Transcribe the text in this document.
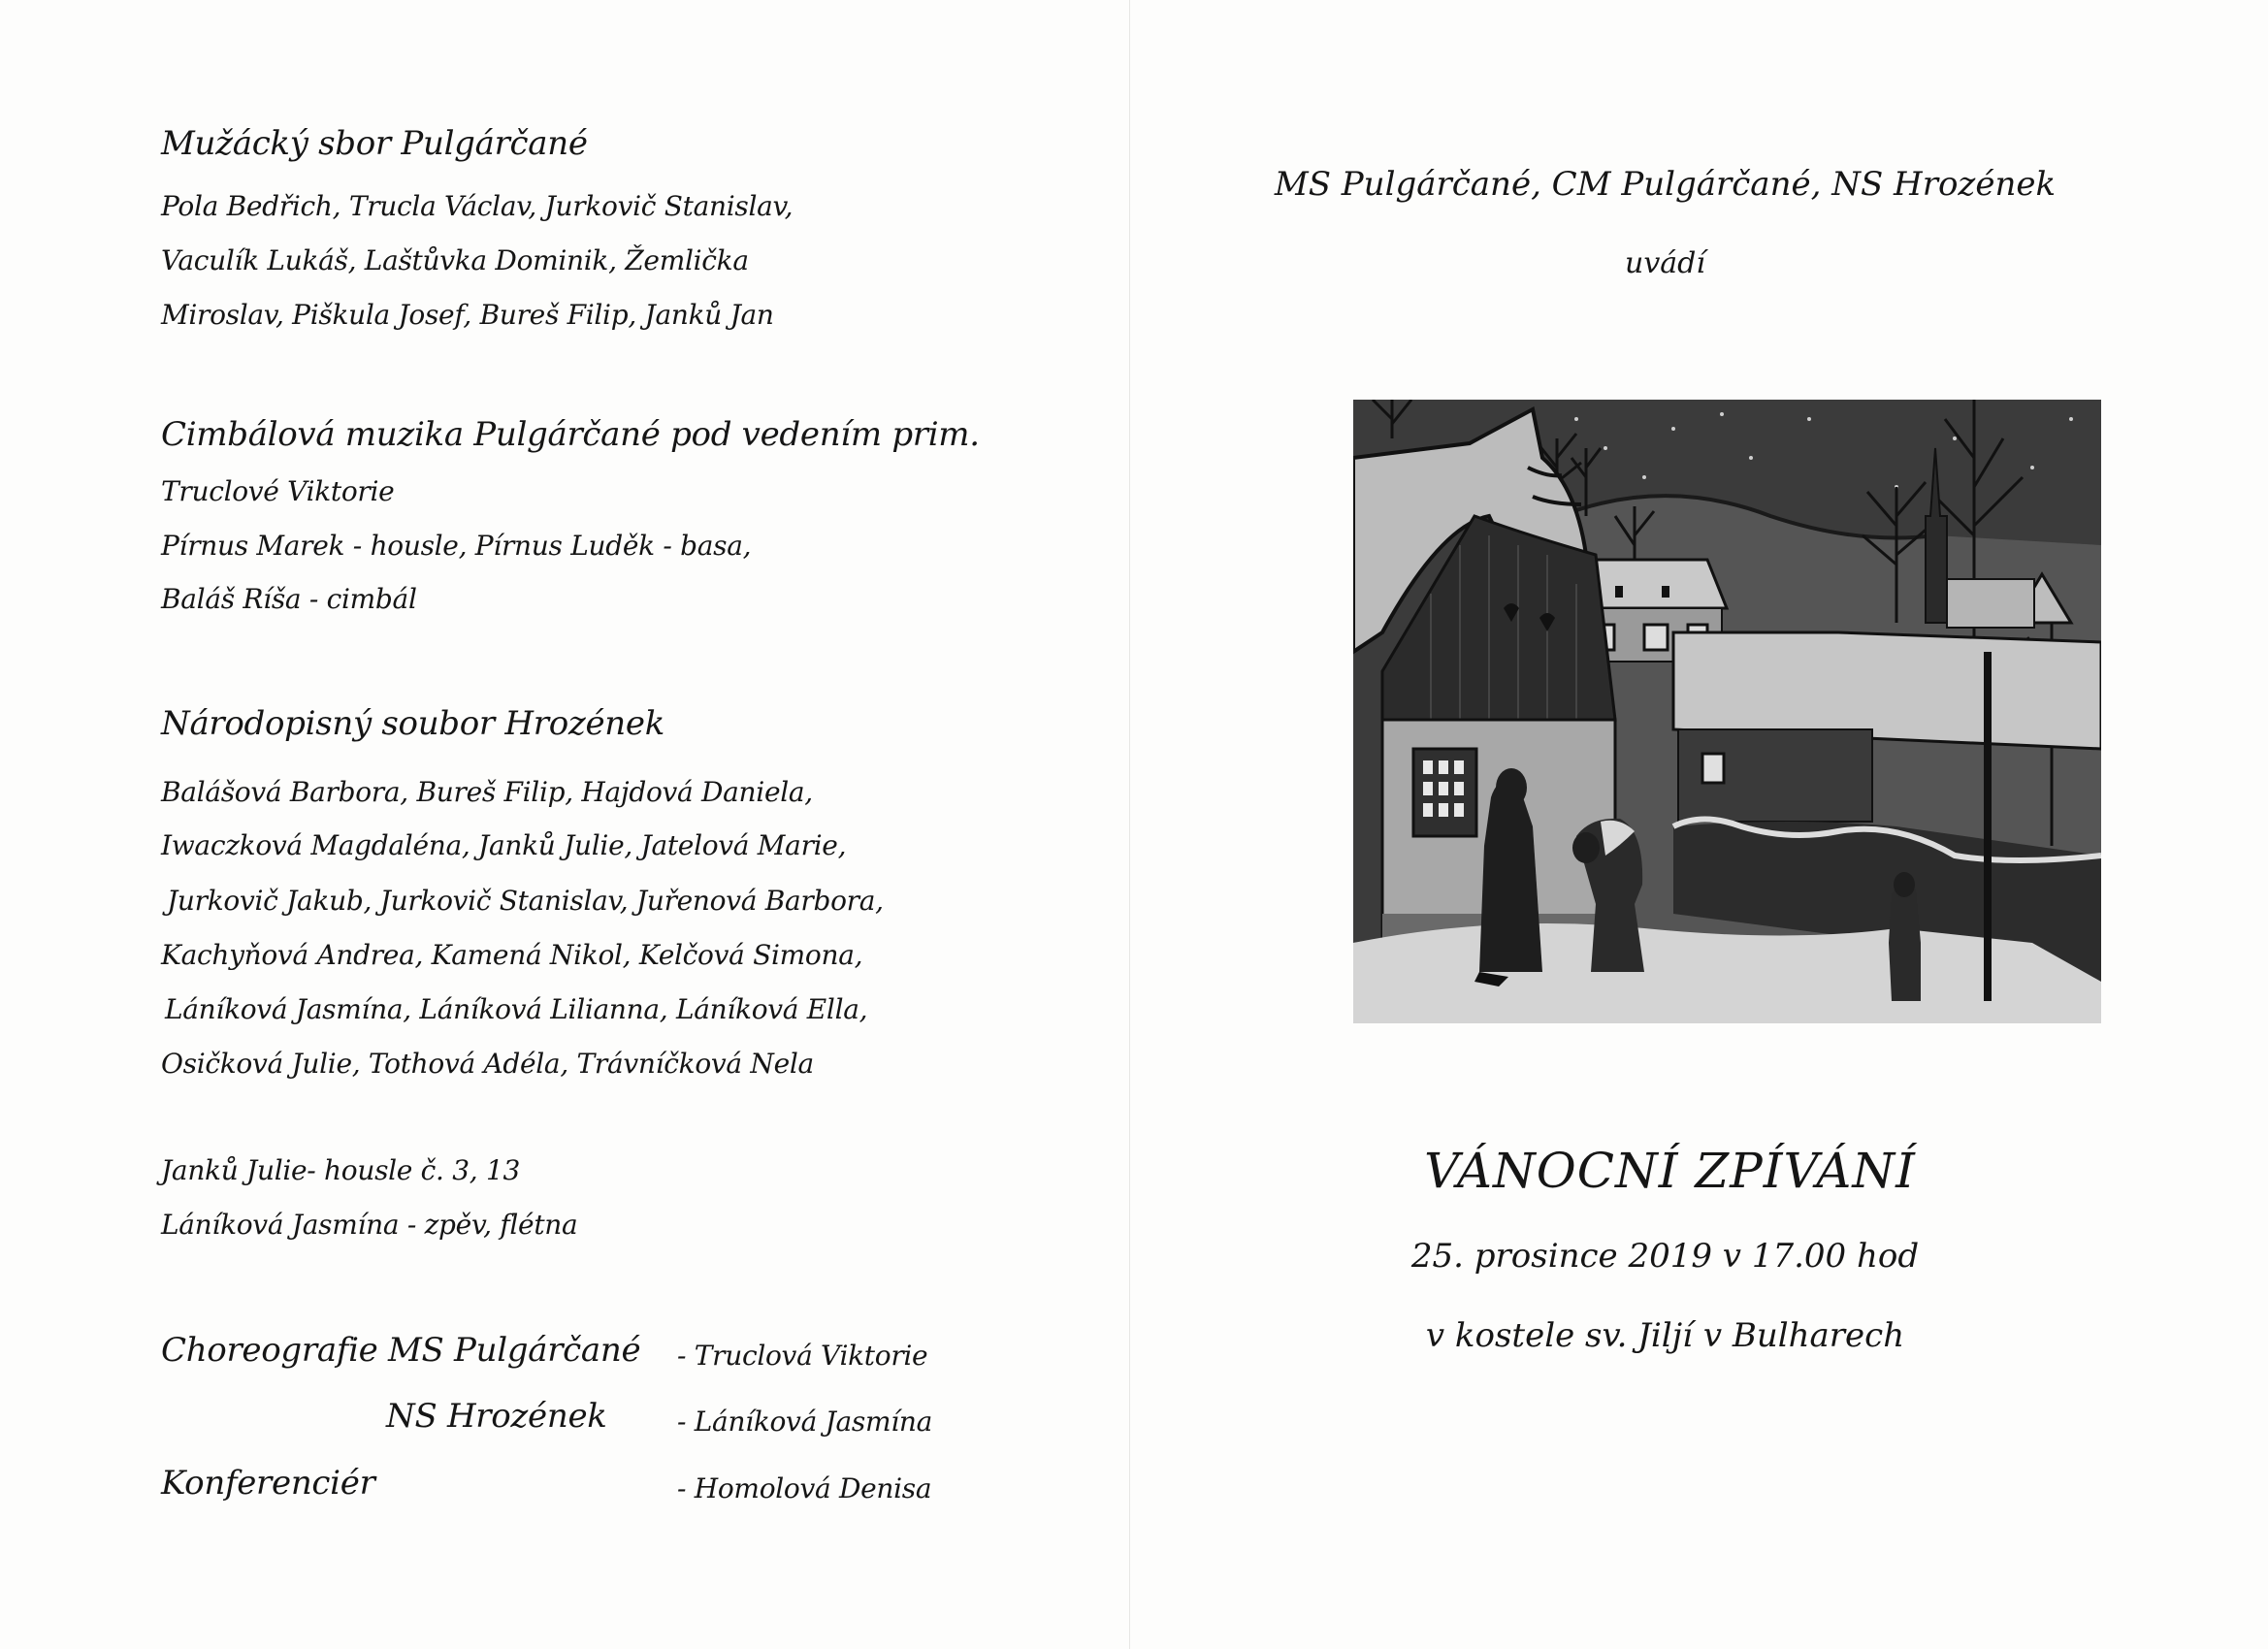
Mužácký sbor Pulgárčané
Pola Bedřich, Trucla Václav, Jurkovič Stanislav,
Vaculík Lukáš, Laštůvka Dominik, Žemlička
Miroslav, Piškula Josef, Bureš Filip, Janků Jan
Cimbálová muzika Pulgárčané pod vedením prim.
Truclové Viktorie
Pírnus Marek - housle, Pírnus Luděk - basa,
Baláš Ríša - cimbál
Národopisný soubor Hrozének
Balášová Barbora, Bureš Filip, Hajdová Daniela,
Iwaczková Magdaléna, Janků Julie, Jatelová Marie,
Jurkovič Jakub, Jurkovič Stanislav, Juřenová Barbora,
Kachyňová Andrea, Kamená Nikol, Kelčová Simona,
Láníková Jasmína, Láníková Lilianna, Láníková Ella,
Osičková Julie, Tothová Adéla, Trávníčková Nela
Janků Julie- housle č. 3, 13
Láníková Jasmína - zpěv, flétna
Choreografie MS Pulgárčané - Truclová Viktorie
NS Hrozének	- Láníková Jasmína
Konferenciér	- Homolová Denisa
MS Pulgárčané, CM Pulgárčané, NS Hrozének
uvádí
VÁNOCNÍ ZPÍVÁNÍ
25. prosince 2019 v 17.00 hod
v kostele sv. Jiljí v Bulharech
